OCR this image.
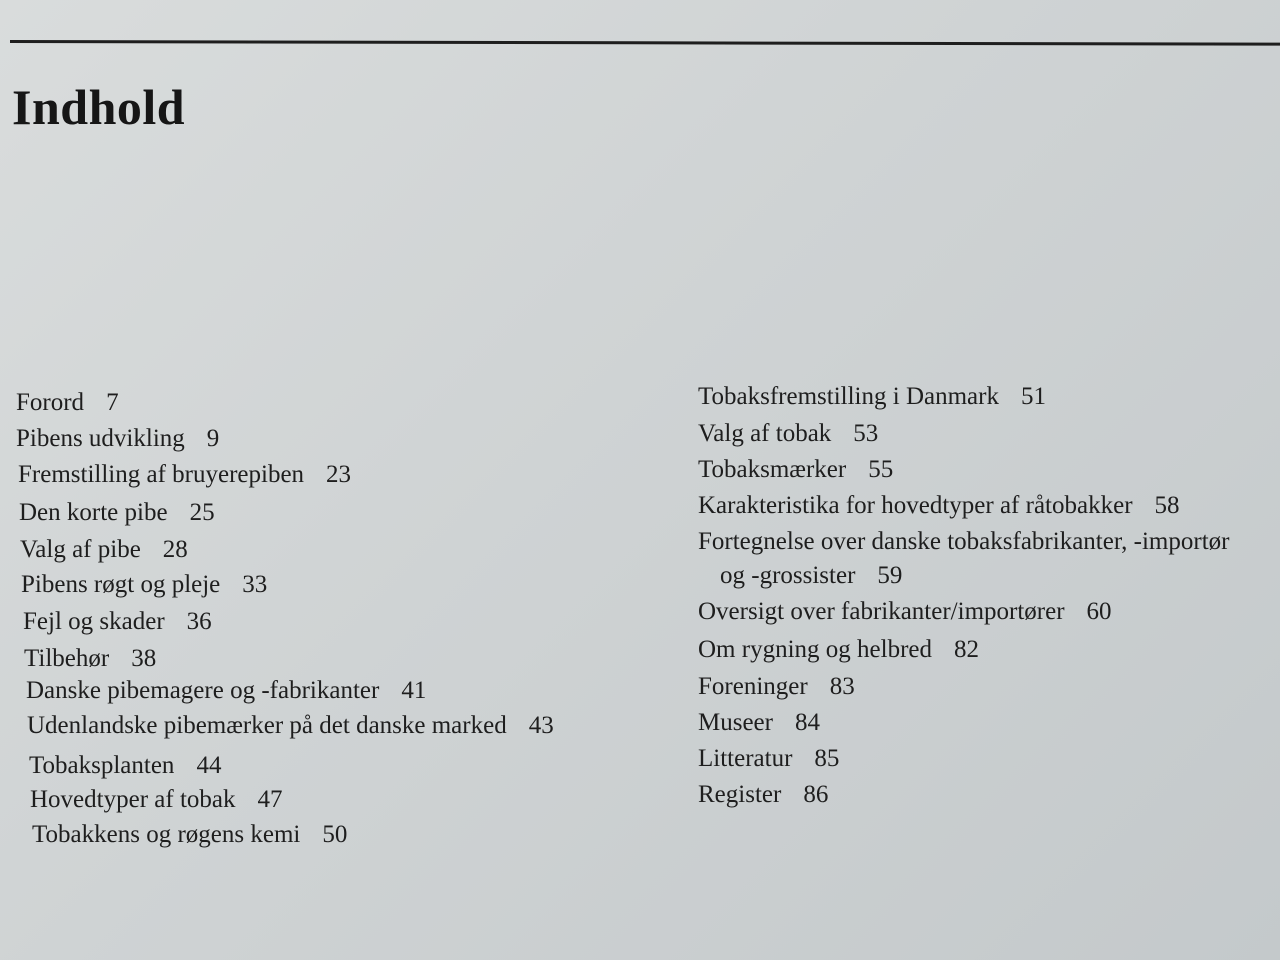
Indhold
Forord 7
Pibens udvikling 9
Fremstilling af bruyerepiben 23
Den korte pibe 25
Valg af pibe 28
Pibens røgt og pleje 33
Fejl og skader 36
Tilbehør 38
Danske pibemagere og -fabrikanter 41
Udenlandske pibemærker på det danske marked 43
Tobaksplanten 44
Hovedtyper af tobak 47
Tobakkens og røgens kemi 50
Tobaksfremstilling i Danmark 51
Valg af tobak 53
Tobaksmærker 55
Karakteristika for hovedtyper af råtobakker 58
Fortegnelse over danske tobaksfabrikanter, -importør
og -grossister 59
Oversigt over fabrikanter/importører 60
Om rygning og helbred 82
Foreninger 83
Museer 84
Litteratur 85
Register 86
